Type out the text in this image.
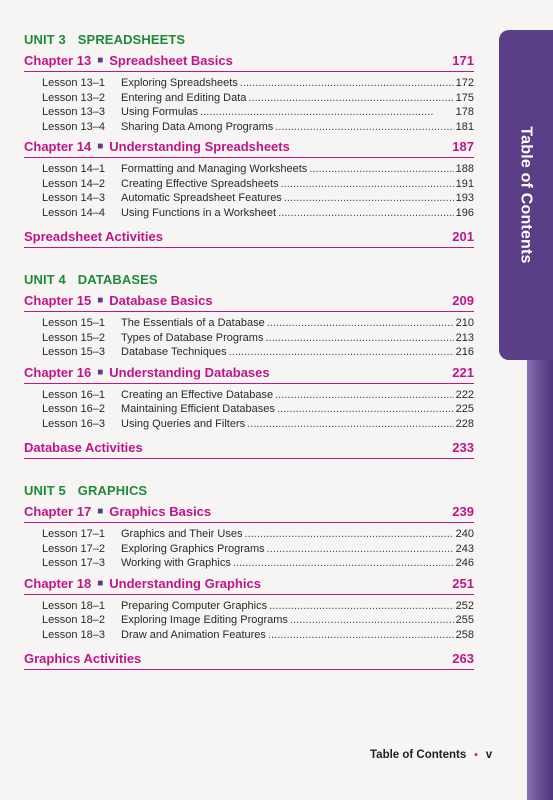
Table of Contents
UNIT 3 SPREADSHEETS
Chapter 13 ■ Spreadsheet Basics	171
Lesson 13–1	Exploring Spreadsheets . . .	172
Lesson 13–2	Entering and Editing Data . . .	175
Lesson 13–3	Using Formulas . . .	178
Lesson 13–4	Sharing Data Among Programs . . .	181
Chapter 14 ■ Understanding Spreadsheets	187
Lesson 14–1	Formatting and Managing Worksheets . . .	188
Lesson 14–2	Creating Effective Spreadsheets . . .	191
Lesson 14–3	Automatic Spreadsheet Features . . .	193
Lesson 14–4	Using Functions in a Worksheet . . .	196
Spreadsheet Activities	201
UNIT 4 DATABASES
Chapter 15 ■ Database Basics	209
Lesson 15–1	The Essentials of a Database . . .	210
Lesson 15–2	Types of Database Programs . . .	213
Lesson 15–3	Database Techniques . . .	216
Chapter 16 ■ Understanding Databases	221
Lesson 16–1	Creating an Effective Database . . .	222
Lesson 16–2	Maintaining Efficient Databases . . .	225
Lesson 16–3	Using Queries and Filters . . .	228
Database Activities	233
UNIT 5 GRAPHICS
Chapter 17 ■ Graphics Basics	239
Lesson 17–1	Graphics and Their Uses . . .	240
Lesson 17–2	Exploring Graphics Programs . . .	243
Lesson 17–3	Working with Graphics . . .	246
Chapter 18 ■ Understanding Graphics	251
Lesson 18–1	Preparing Computer Graphics . . .	252
Lesson 18–2	Exploring Image Editing Programs . . .	255
Lesson 18–3	Draw and Animation Features . . .	258
Graphics Activities	263
Table of Contents • v
